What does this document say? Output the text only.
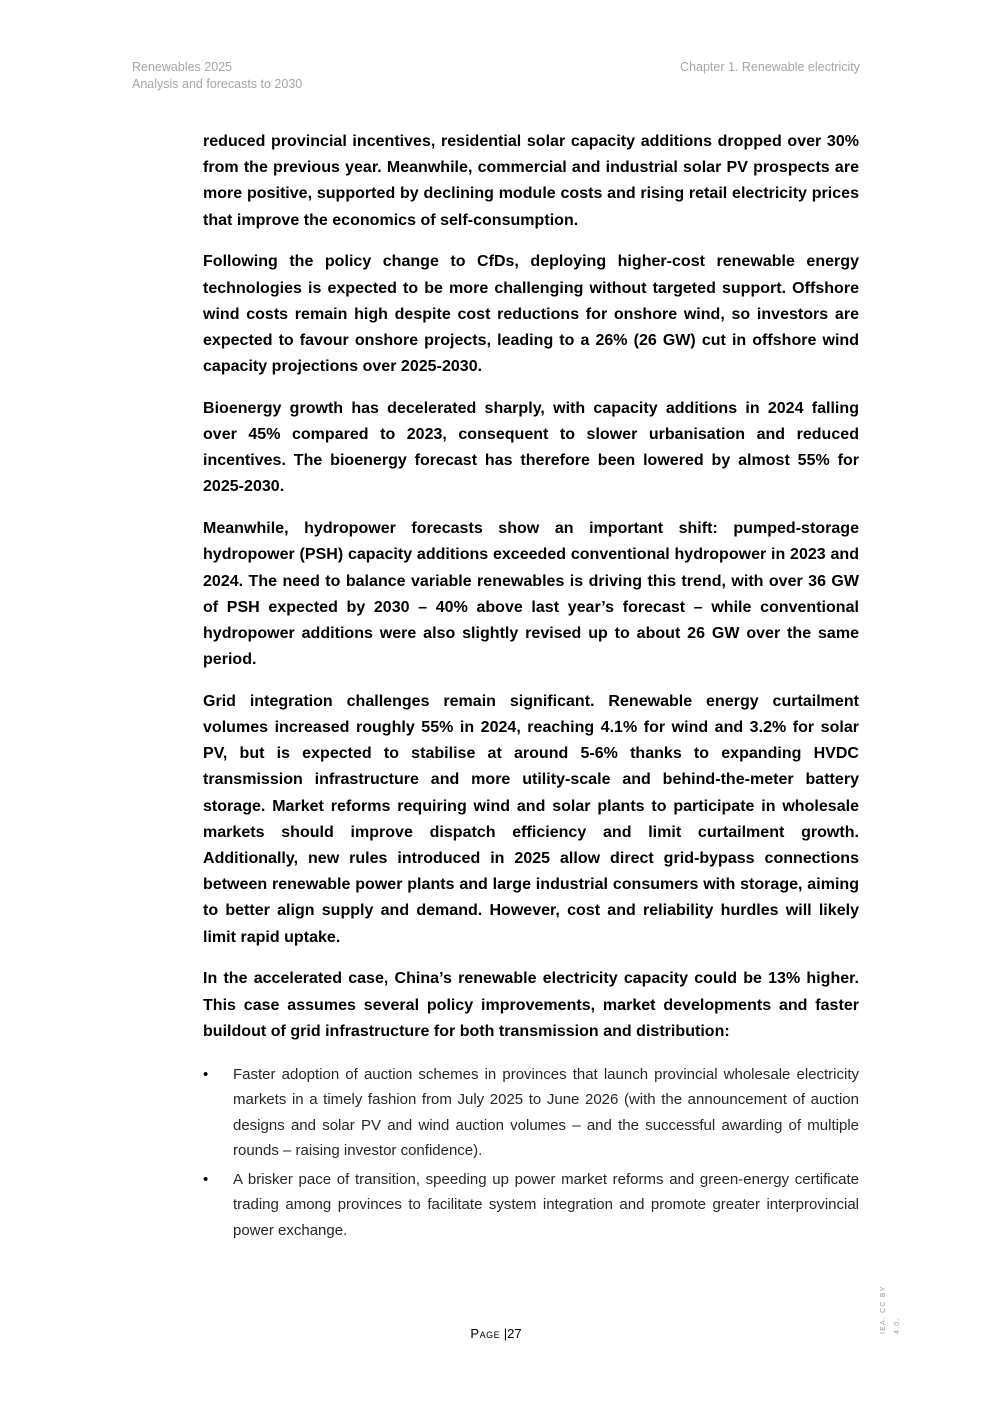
Renewables 2025
Analysis and forecasts to 2030
Chapter 1. Renewable electricity

reduced provincial incentives, residential solar capacity additions dropped over 30% from the previous year. Meanwhile, commercial and industrial solar PV prospects are more positive, supported by declining module costs and rising retail electricity prices that improve the economics of self-consumption.

Following the policy change to CfDs, deploying higher-cost renewable energy technologies is expected to be more challenging without targeted support. Offshore wind costs remain high despite cost reductions for onshore wind, so investors are expected to favour onshore projects, leading to a 26% (26 GW) cut in offshore wind capacity projections over 2025-2030.

Bioenergy growth has decelerated sharply, with capacity additions in 2024 falling over 45% compared to 2023, consequent to slower urbanisation and reduced incentives. The bioenergy forecast has therefore been lowered by almost 55% for 2025-2030.

Meanwhile, hydropower forecasts show an important shift: pumped-storage hydropower (PSH) capacity additions exceeded conventional hydropower in 2023 and 2024. The need to balance variable renewables is driving this trend, with over 36 GW of PSH expected by 2030 – 40% above last year’s forecast – while conventional hydropower additions were also slightly revised up to about 26 GW over the same period.

Grid integration challenges remain significant. Renewable energy curtailment volumes increased roughly 55% in 2024, reaching 4.1% for wind and 3.2% for solar PV, but is expected to stabilise at around 5-6% thanks to expanding HVDC transmission infrastructure and more utility-scale and behind-the-meter battery storage. Market reforms requiring wind and solar plants to participate in wholesale markets should improve dispatch efficiency and limit curtailment growth. Additionally, new rules introduced in 2025 allow direct grid-bypass connections between renewable power plants and large industrial consumers with storage, aiming to better align supply and demand. However, cost and reliability hurdles will likely limit rapid uptake.

In the accelerated case, China’s renewable electricity capacity could be 13% higher. This case assumes several policy improvements, market developments and faster buildout of grid infrastructure for both transmission and distribution:

• Faster adoption of auction schemes in provinces that launch provincial wholesale electricity markets in a timely fashion from July 2025 to June 2026 (with the announcement of auction designs and solar PV and wind auction volumes – and the successful awarding of multiple rounds – raising investor confidence).
• A brisker pace of transition, speeding up power market reforms and green-energy certificate trading among provinces to facilitate system integration and promote greater interprovincial power exchange.
Page |27	IEA. CC BY 4.0.
